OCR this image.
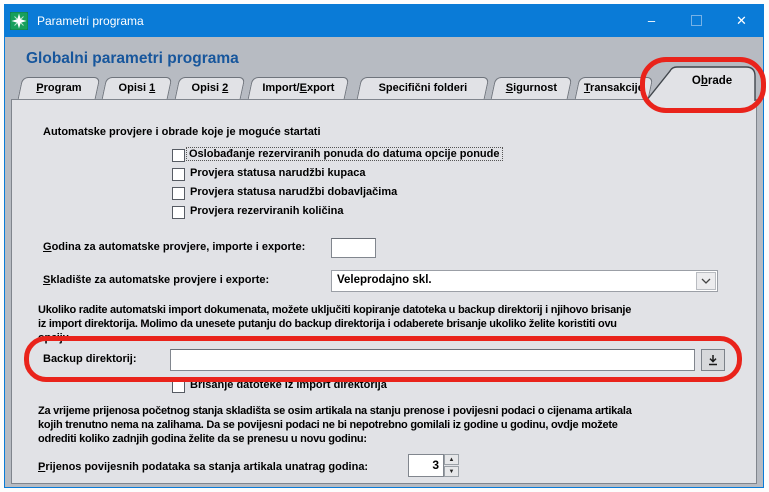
Parametri programa	–	✕
Globalni parametri programa
Program	Opisi 1	Opisi 2	Import/Export	Specifični folderi	Sigurnost	Transakcije
Obrade
Automatske provjere i obrade koje je moguće startati
Oslobađanje rezerviranih ponuda do datuma opcije ponude
Provjera statusa narudžbi kupaca
Provjera statusa narudžbi dobavljačima
Provjera rezerviranih količina
Godina za automatske provjere, importe i exporte:
Skladište za automatske provjere i exporte:	Veleprodajno skl.
Ukoliko radite automatski import dokumenata, možete uključiti kopiranje datoteka u backup direktorij i njihovo brisanje
iz import direktorija. Molimo da unesete putanju do backup direktorija i odaberete brisanje ukoliko želite koristiti ovu
opciju.
Backup direktorij:
Brisanje datoteke iz import direktorija
Za vrijeme prijenosa početnog stanja skladišta se osim artikala na stanju prenose i povijesni podaci o cijenama artikala
kojih trenutno nema na zalihama. Da se povijesni podaci ne bi nepotrebno gomilali iz godine u godinu, ovdje možete
odrediti koliko zadnjih godina želite da se prenesu u novu godinu:
Prijenos povijesnih podataka sa stanja artikala unatrag godina:	3	▲
▼
